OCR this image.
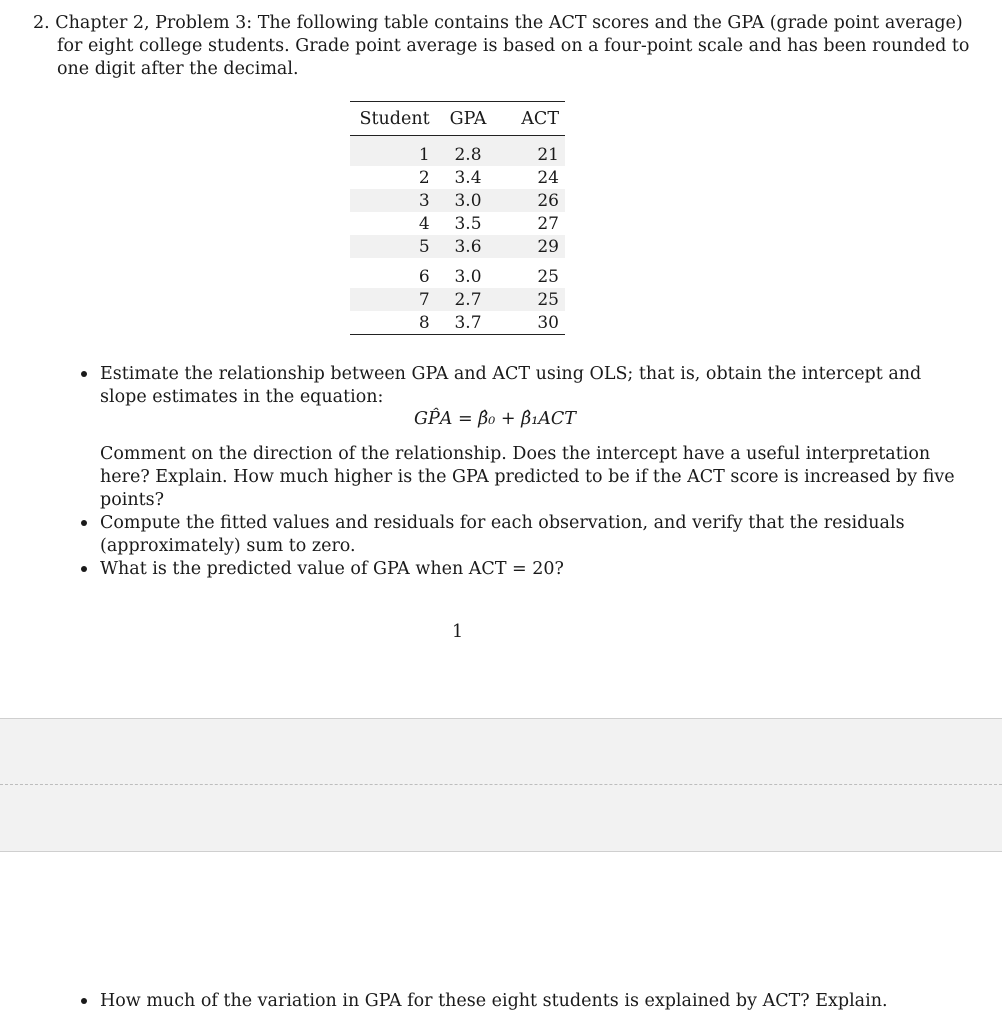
2. Chapter 2, Problem 3: The following table contains the ACT scores and the GPA (grade point average)
for eight college students. Grade point average is based on a four-point scale and has been rounded to
one digit after the decimal.
Student	GPA	ACT
1	2.8	21
2	3.4	24
3	3.0	26
4	3.5	27
5	3.6	29
6	3.0	25
7	2.7	25
8	3.7	30
Estimate the relationship between GPA and ACT using OLS; that is, obtain the intercept and
slope estimates in the equation:
GP̂A = β̂₀ + β̂₁ACT
Comment on the direction of the relationship. Does the intercept have a useful interpretation
here? Explain. How much higher is the GPA predicted to be if the ACT score is increased by five
points?
Compute the fitted values and residuals for each observation, and verify that the residuals
(approximately) sum to zero.
What is the predicted value of GPA when ACT = 20?
1
How much of the variation in GPA for these eight students is explained by ACT? Explain.
